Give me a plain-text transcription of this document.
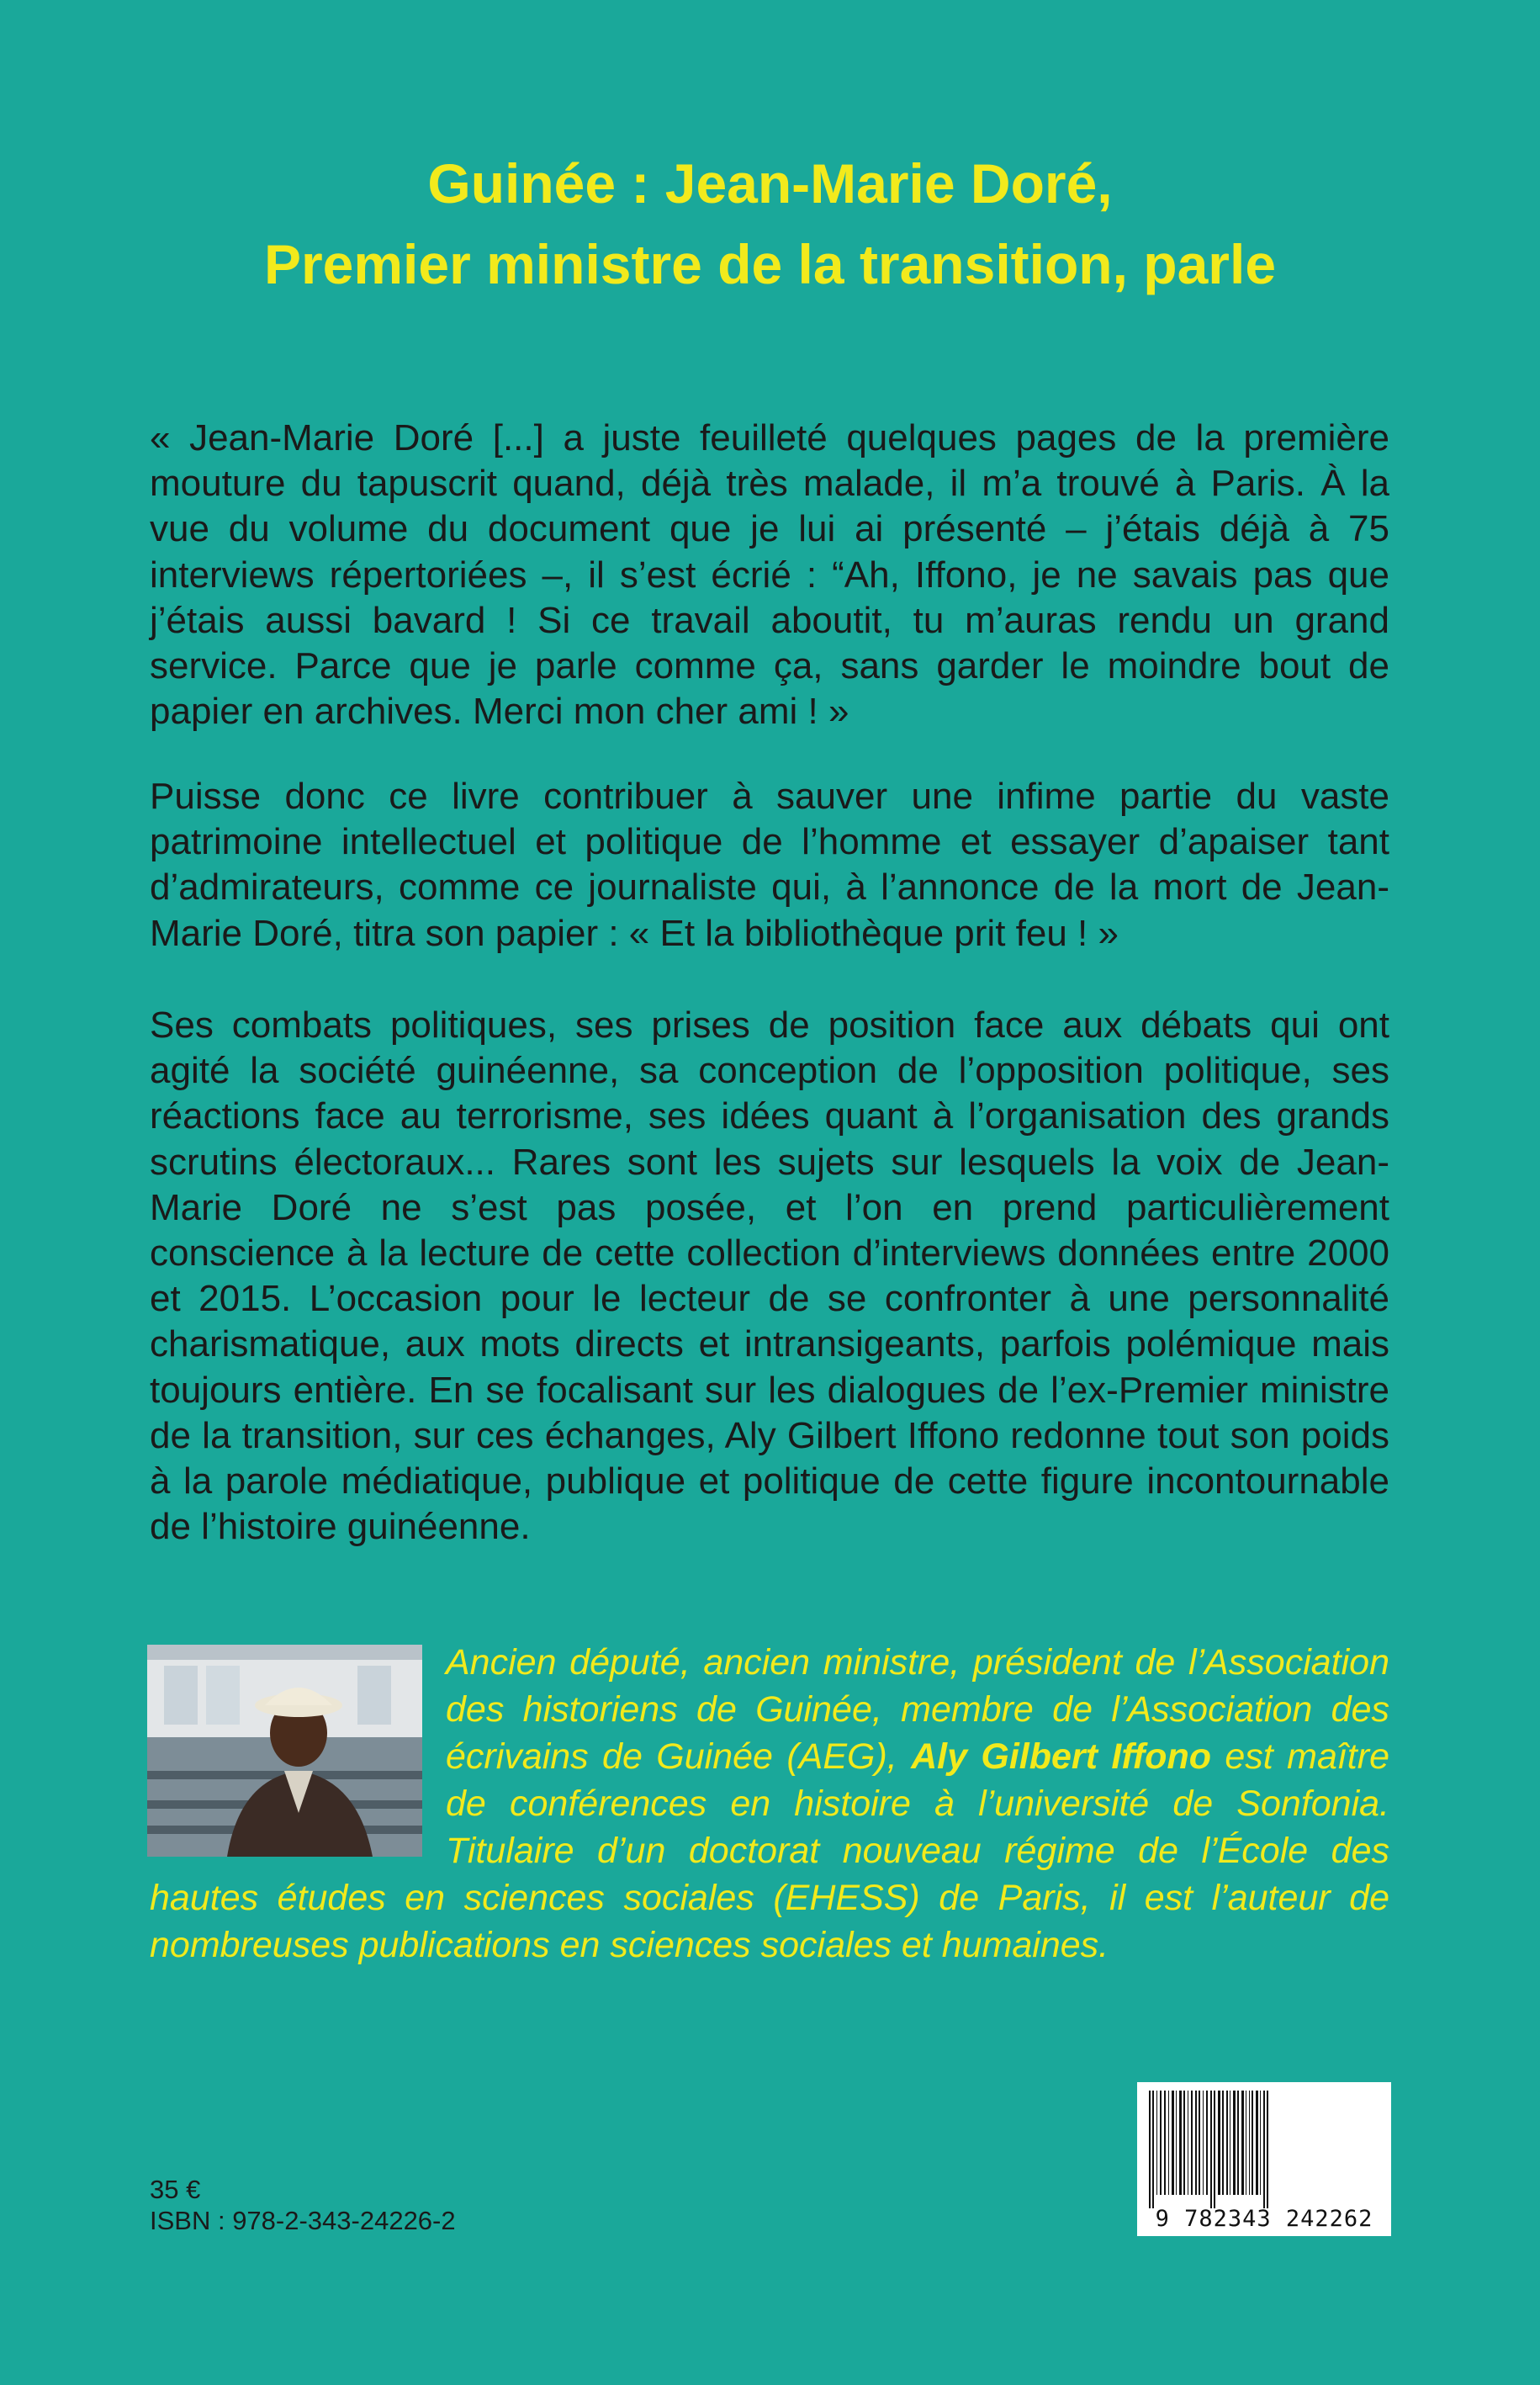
Guinée : Jean-Marie Doré,
Premier ministre de la transition, parle
« Jean-Marie Doré [...] a juste feuilleté quelques pages de la première mouture du tapuscrit quand, déjà très malade, il m’a trouvé à Paris. À la vue du volume du document que je lui ai présenté – j’étais déjà à 75 interviews répertoriées –, il s’est écrié : “Ah, Iffono, je ne savais pas que j’étais aussi bavard ! Si ce travail aboutit, tu m’auras rendu un grand service. Parce que je parle comme ça, sans garder le moindre bout de papier en archives. Merci mon cher ami ! »
Puisse donc ce livre contribuer à sauver une infime partie du vaste patrimoine intellectuel et politique de l’homme et essayer d’apaiser tant d’admirateurs, comme ce journaliste qui, à l’annonce de la mort de Jean-Marie Doré, titra son papier : « Et la bibliothèque prit feu ! »
Ses combats politiques, ses prises de position face aux débats qui ont agité la société guinéenne, sa conception de l’opposition politique, ses réactions face au terrorisme, ses idées quant à l’organisation des grands scrutins électoraux... Rares sont les sujets sur lesquels la voix de Jean-Marie Doré ne s’est pas posée, et l’on en prend particulièrement conscience à la lecture de cette collection d’interviews données entre 2000 et 2015. L’occasion pour le lecteur de se confronter à une personnalité charismatique, aux mots directs et intransigeants, parfois polémique mais toujours entière. En se focalisant sur les dialogues de l’ex-Premier ministre de la transition, sur ces échanges, Aly Gilbert Iffono redonne tout son poids à la parole médiatique, publique et politique de cette figure incontournable de l’histoire guinéenne.
Ancien député, ancien ministre, président de l’Association des historiens de Guinée, membre de l’Association des écrivains de Guinée (AEG), Aly Gilbert Iffono est maître de conférences en histoire à l’université de Sonfonia. Titulaire d’un doctorat nouveau régime de l’École des hautes études en sciences sociales (EHESS) de Paris, il est l’auteur de nombreuses publications en sciences sociales et humaines.
9 782343 242262
35 €
ISBN : 978-2-343-24226-2
